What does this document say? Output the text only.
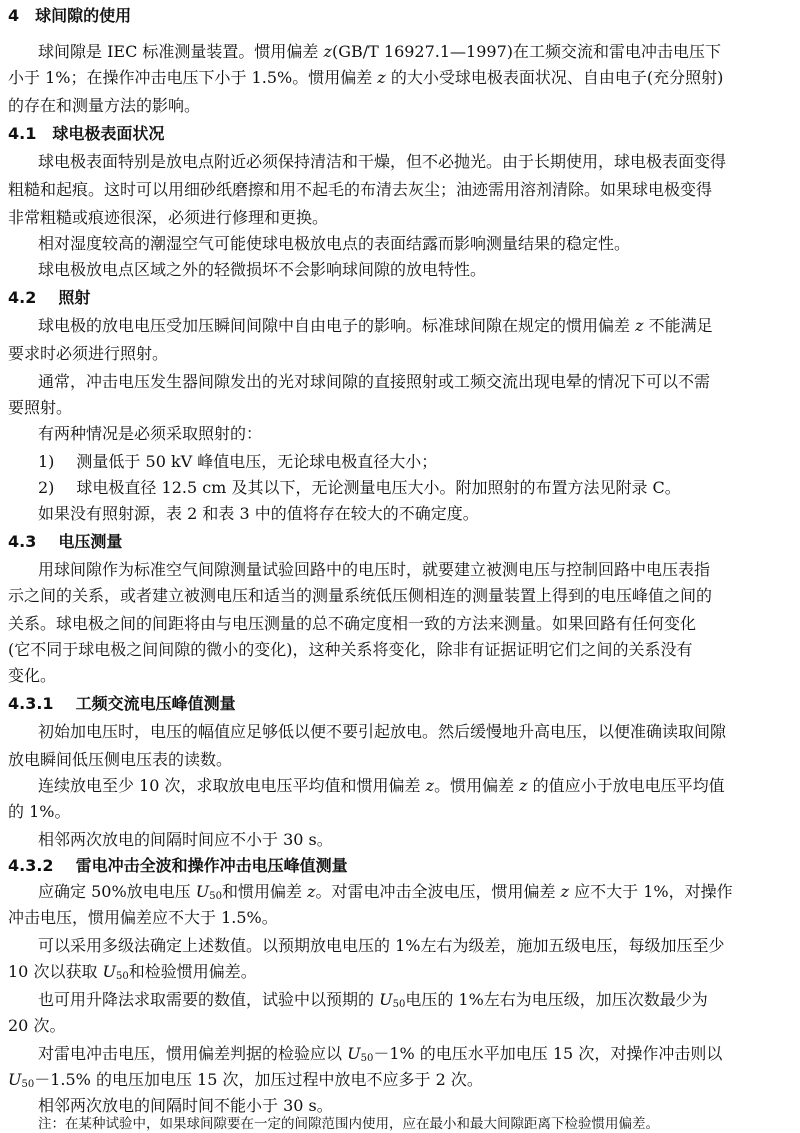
4 球间隙的使用
球间隙是 IEC 标准测量装置。惯用偏差 z(GB/T 16927.1—1997)在工频交流和雷电冲击电压下
小于 1%；在操作冲击电压下小于 1.5%。惯用偏差 z 的大小受球电极表面状况、自由电子(充分照射)
的存在和测量方法的影响。
4.1 球电极表面状况
球电极表面特别是放电点附近必须保持清洁和干燥，但不必抛光。由于长期使用，球电极表面变得
粗糙和起痕。这时可以用细砂纸磨擦和用不起毛的布清去灰尘；油迹需用溶剂清除。如果球电极变得
非常粗糙或痕迹很深，必须进行修理和更换。
相对湿度较高的潮湿空气可能使球电极放电点的表面结露而影响测量结果的稳定性。
球电极放电点区域之外的轻微损坏不会影响球间隙的放电特性。
4.2 照射
球电极的放电电压受加压瞬间间隙中自由电子的影响。标准球间隙在规定的惯用偏差 z 不能满足
要求时必须进行照射。
通常，冲击电压发生器间隙发出的光对球间隙的直接照射或工频交流出现电晕的情况下可以不需
要照射。
有两种情况是必须采取照射的：
1) 测量低于 50 kV 峰值电压，无论球电极直径大小；
2) 球电极直径 12.5 cm 及其以下，无论测量电压大小。附加照射的布置方法见附录 C。
如果没有照射源，表 2 和表 3 中的值将存在较大的不确定度。
4.3 电压测量
用球间隙作为标准空气间隙测量试验回路中的电压时，就要建立被测电压与控制回路中电压表指
示之间的关系，或者建立被测电压和适当的测量系统低压侧相连的测量装置上得到的电压峰值之间的
关系。球电极之间的间距将由与电压测量的总不确定度相一致的方法来测量。如果回路有任何变化
(它不同于球电极之间间隙的微小的变化)，这种关系将变化，除非有证据证明它们之间的关系没有
变化。
4.3.1 工频交流电压峰值测量
初始加电压时，电压的幅值应足够低以便不要引起放电。然后缓慢地升高电压，以便准确读取间隙
放电瞬间低压侧电压表的读数。
连续放电至少 10 次，求取放电电压平均值和惯用偏差 z。惯用偏差 z 的值应小于放电电压平均值
的 1%。
相邻两次放电的间隔时间应不小于 30 s。
4.3.2 雷电冲击全波和操作冲击电压峰值测量
应确定 50%放电电压 $U_{50}$和惯用偏差 z。对雷电冲击全波电压，惯用偏差 z 应不大于 1%，对操作
冲击电压，惯用偏差应不大于 1.5%。
可以采用多级法确定上述数值。以预期放电电压的 1%左右为级差，施加五级电压，每级加压至少
10 次以获取 $U_{50}$和检验惯用偏差。
也可用升降法求取需要的数值，试验中以预期的 $U_{50}$电压的 1%左右为电压级，加压次数最少为
20 次。
对雷电冲击电压，惯用偏差判据的检验应以 $U_{50}-1\%$ 的电压水平加电压 15 次，对操作冲击则以
$U_{50}-1.5\%$ 的电压加电压 15 次，加压过程中放电不应多于 2 次。
相邻两次放电的间隔时间不能小于 30 s。
注：在某种试验中，如果球间隙要在一定的间隙范围内使用，应在最小和最大间隙距离下检验惯用偏差。
